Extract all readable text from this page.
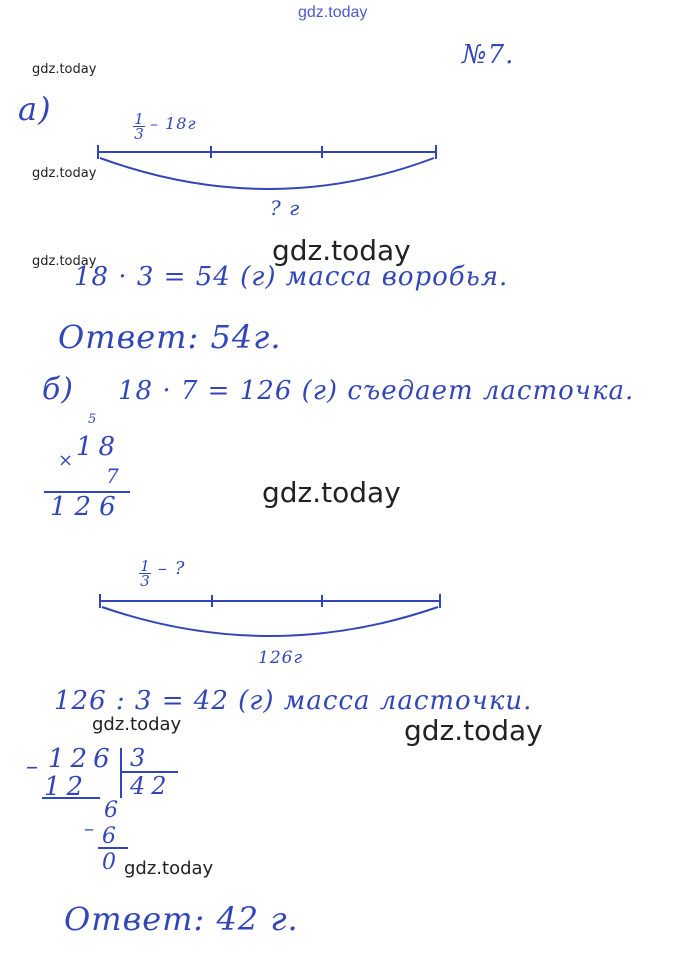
gdz.today
gdz.today
gdz.today
gdz.today	gdz.today
gdz.today
gdz.today
gdz.today
gdz.today
№7.
а)	$\frac{1}{3} - 18г$
? г
18 · 3 = 54 (г) масса воробья.
Ответ: 54г.
б) 18 · 7 = 126 (г) съедает ласточка.
5
× 18
7
126
$\frac{1}{3}$ – ?
126г
126 : 3 = 42 (г) масса ласточки.
– 126 3
12 42
–
6
6
0
Ответ: 42 г.
